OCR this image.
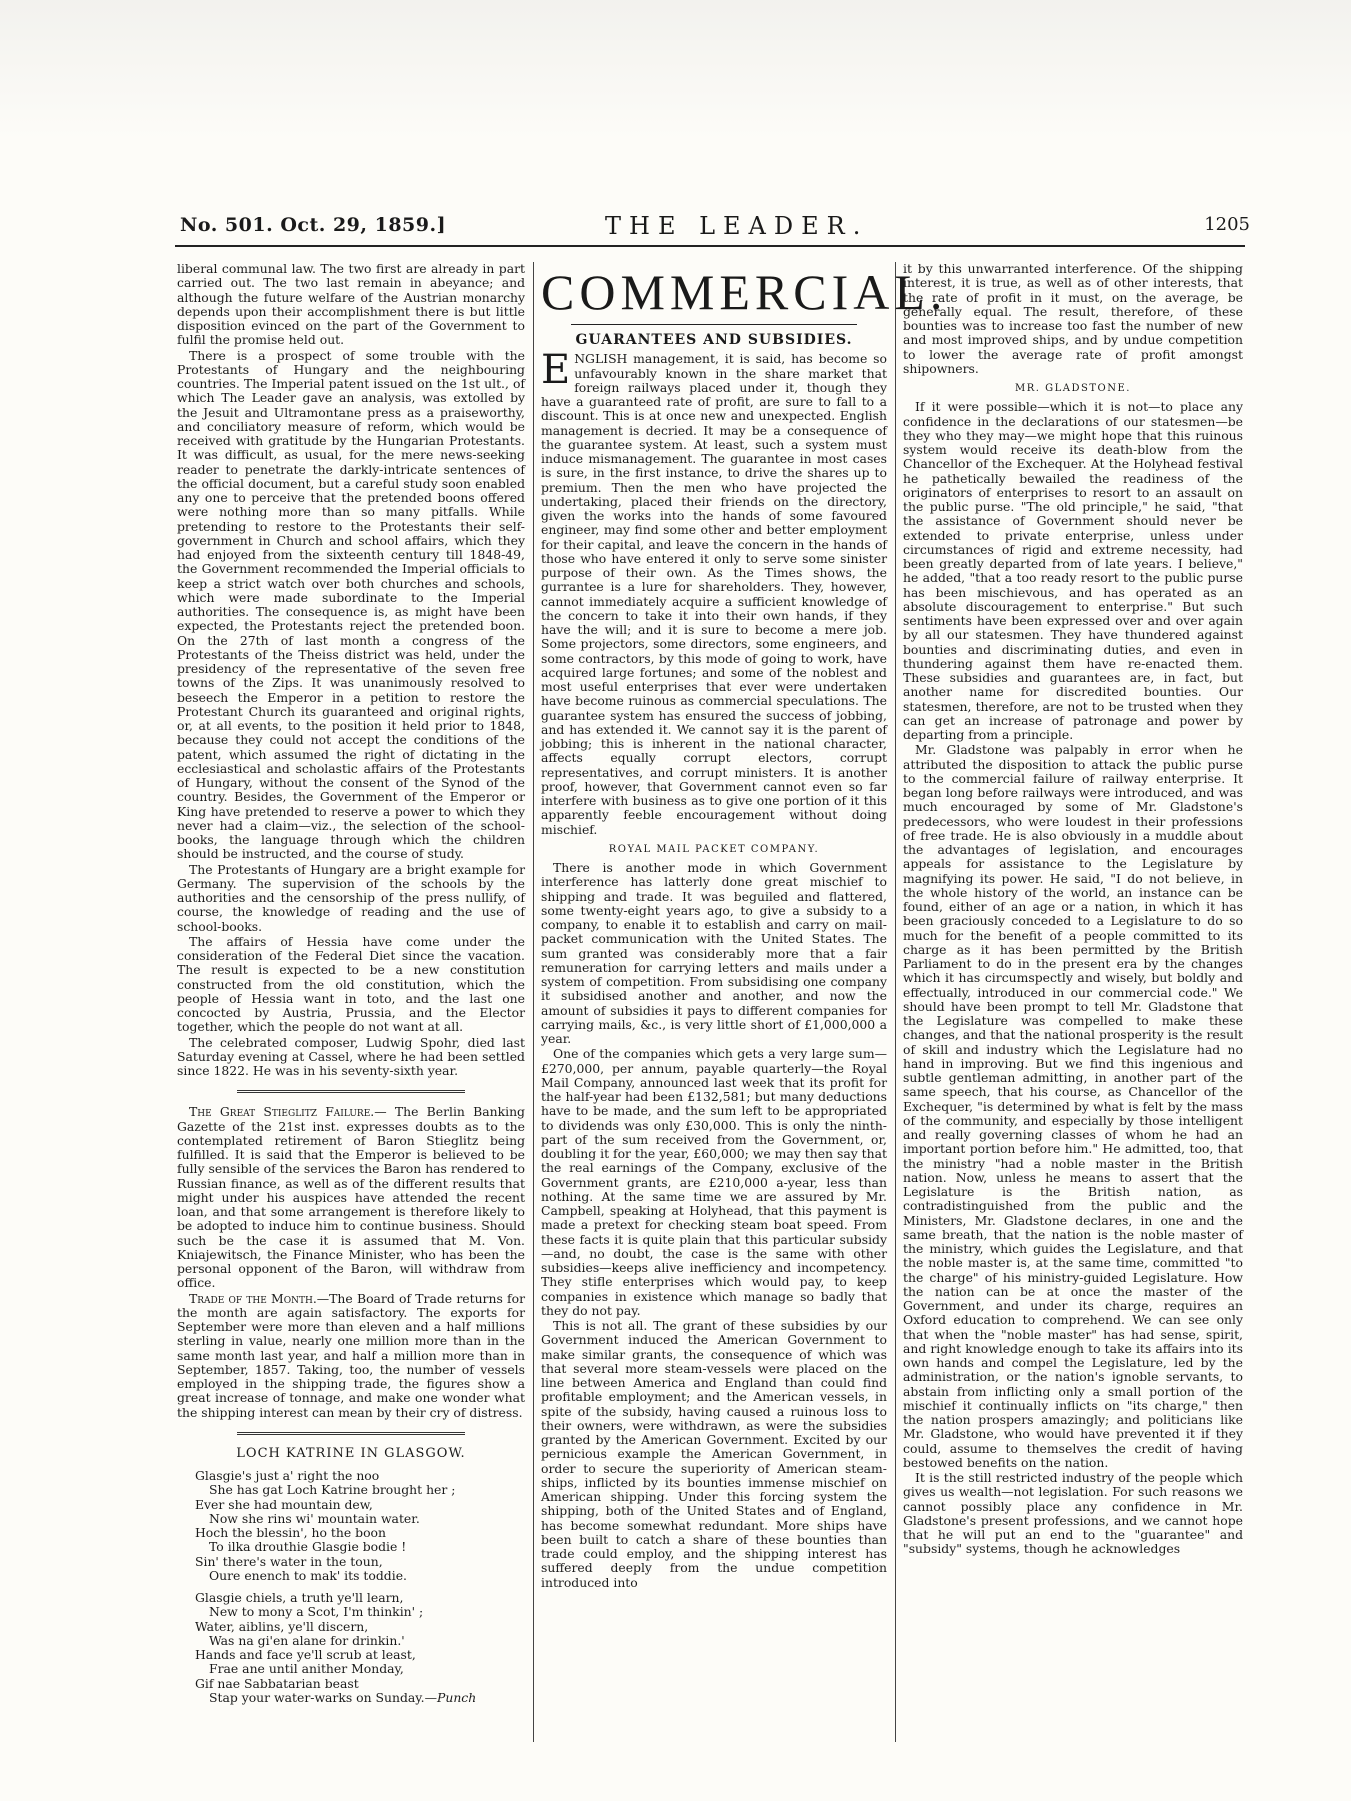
No. 501. Oct. 29, 1859.]	THE LEADER.	1205

liberal communal law. The two first are already in part carried out. The two last remain in abeyance; and although the future welfare of the Austrian monarchy depends upon their accomplishment there is but little disposition evinced on the part of the Government to fulfil the promise held out.

There is a prospect of some trouble with the Protestants of Hungary and the neighbouring countries. The Imperial patent issued on the 1st ult., of which The Leader gave an analysis, was extolled by the Jesuit and Ultramontane press as a praiseworthy, and conciliatory measure of reform, which would be received with gratitude by the Hungarian Protestants. It was difficult, as usual, for the mere news-seeking reader to penetrate the darkly-intricate sentences of the official document, but a careful study soon enabled any one to perceive that the pretended boons offered were nothing more than so many pitfalls. While pretending to restore to the Protestants their self-government in Church and school affairs, which they had enjoyed from the sixteenth century till 1848-49, the Government recommended the Imperial officials to keep a strict watch over both churches and schools, which were made subordinate to the Imperial authorities. The consequence is, as might have been expected, the Protestants reject the pretended boon. On the 27th of last month a congress of the Protestants of the Theiss district was held, under the presidency of the representative of the seven free towns of the Zips. It was unanimously resolved to beseech the Emperor in a petition to restore the Protestant Church its guaranteed and original rights, or, at all events, to the position it held prior to 1848, because they could not accept the conditions of the patent, which assumed the right of dictating in the ecclesiastical and scholastic affairs of the Protestants of Hungary, without the consent of the Synod of the country. Besides, the Government of the Emperor or King have pretended to reserve a power to which they never had a claim—viz., the selection of the school-books, the language through which the children should be instructed, and the course of study.

The Protestants of Hungary are a bright example for Germany. The supervision of the schools by the authorities and the censorship of the press nullify, of course, the knowledge of reading and the use of school-books.

The affairs of Hessia have come under the consideration of the Federal Diet since the vacation. The result is expected to be a new constitution constructed from the old constitution, which the people of Hessia want in toto, and the last one concocted by Austria, Prussia, and the Elector together, which the people do not want at all.

The celebrated composer, Ludwig Spohr, died last Saturday evening at Cassel, where he had been settled since 1822. He was in his seventy-sixth year.

The Great Stieglitz Failure.— The Berlin Banking Gazette of the 21st inst. expresses doubts as to the contemplated retirement of Baron Stieglitz being fulfilled. It is said that the Emperor is believed to be fully sensible of the services the Baron has rendered to Russian finance, as well as of the different results that might under his auspices have attended the recent loan, and that some arrangement is therefore likely to be adopted to induce him to continue business. Should such be the case it is assumed that M. Von. Kniajewitsch, the Finance Minister, who has been the personal opponent of the Baron, will withdraw from office.

Trade of the Month.—The Board of Trade returns for the month are again satisfactory. The exports for September were more than eleven and a half millions sterling in value, nearly one million more than in the same month last year, and half a million more than in September, 1857. Taking, too, the number of vessels employed in the shipping trade, the figures show a great increase of tonnage, and make one wonder what the shipping interest can mean by their cry of distress.

LOCH KATRINE IN GLASGOW.
Glasgie's just a' right the noo
She has gat Loch Katrine brought her ;
Ever she had mountain dew,
Now she rins wi' mountain water.
Hoch the blessin', ho the boon
To ilka drouthie Glasgie bodie !
Sin' there's water in the toun,
Oure enench to mak' its toddie.
Glasgie chiels, a truth ye'll learn,
New to mony a Scot, I'm thinkin' ;
Water, aiblins, ye'll discern,
Was na gi'en alane for drinkin.'
Hands and face ye'll scrub at least,
Frae ane until anither Monday,
Gif nae Sabbatarian beast
Stap your water-warks on Sunday.—Punch
COMMERCIAL.
GUARANTEES AND SUBSIDIES.

ENGLISH management, it is said, has become so unfavourably known in the share market that foreign railways placed under it, though they have a guaranteed rate of profit, are sure to fall to a discount. This is at once new and unexpected. English management is decried. It may be a consequence of the guarantee system. At least, such a system must induce mismanagement. The guarantee in most cases is sure, in the first instance, to drive the shares up to premium. Then the men who have projected the undertaking, placed their friends on the directory, given the works into the hands of some favoured engineer, may find some other and better employment for their capital, and leave the concern in the hands of those who have entered it only to serve some sinister purpose of their own. As the Times shows, the gurrantee is a lure for shareholders. They, however, cannot immediately acquire a sufficient knowledge of the concern to take it into their own hands, if they have the will; and it is sure to become a mere job. Some projectors, some directors, some engineers, and some contractors, by this mode of going to work, have acquired large fortunes; and some of the noblest and most useful enterprises that ever were undertaken have become ruinous as commercial speculations. The guarantee system has ensured the success of jobbing, and has extended it. We cannot say it is the parent of jobbing; this is inherent in the national character, affects equally corrupt electors, corrupt representatives, and corrupt ministers. It is another proof, however, that Government cannot even so far interfere with business as to give one portion of it this apparently feeble encouragement without doing mischief.

ROYAL MAIL PACKET COMPANY.

There is another mode in which Government interference has latterly done great mischief to shipping and trade. It was beguiled and flattered, some twenty-eight years ago, to give a subsidy to a company, to enable it to establish and carry on mail-packet communication with the United States. The sum granted was considerably more that a fair remuneration for carrying letters and mails under a system of competition. From subsidising one company it subsidised another and another, and now the amount of subsidies it pays to different companies for carrying mails, &c., is very little short of £1,000,000 a year.

One of the companies which gets a very large sum—£270,000, per annum, payable quarterly—the Royal Mail Company, announced last week that its profit for the half-year had been £132,581; but many deductions have to be made, and the sum left to be appropriated to dividends was only £30,000. This is only the ninth-part of the sum received from the Government, or, doubling it for the year, £60,000; we may then say that the real earnings of the Company, exclusive of the Government grants, are £210,000 a-year, less than nothing. At the same time we are assured by Mr. Campbell, speaking at Holyhead, that this payment is made a pretext for checking steam boat speed. From these facts it is quite plain that this particular subsidy—and, no doubt, the case is the same with other subsidies—keeps alive inefficiency and incompetency. They stifle enterprises which would pay, to keep companies in existence which manage so badly that they do not pay.

This is not all. The grant of these subsidies by our Government induced the American Government to make similar grants, the consequence of which was that several more steam-vessels were placed on the line between America and England than could find profitable employment; and the American vessels, in spite of the subsidy, having caused a ruinous loss to their owners, were withdrawn, as were the subsidies granted by the American Government. Excited by our pernicious example the American Government, in order to secure the superiority of American steam-ships, inflicted by its bounties immense mischief on American shipping. Under this forcing system the shipping, both of the United States and of England, has become somewhat redundant. More ships have been built to catch a share of these bounties than trade could employ, and the shipping interest has suffered deeply from the undue competition introduced into

it by this unwarranted interference. Of the shipping interest, it is true, as well as of other interests, that the rate of profit in it must, on the average, be generally equal. The result, therefore, of these bounties was to increase too fast the number of new and most improved ships, and by undue competition to lower the average rate of profit amongst shipowners.

MR. GLADSTONE.

If it were possible—which it is not—to place any confidence in the declarations of our statesmen—be they who they may—we might hope that this ruinous system would receive its death-blow from the Chancellor of the Exchequer. At the Holyhead festival he pathetically bewailed the readiness of the originators of enterprises to resort to an assault on the public purse. "The old principle," he said, "that the assistance of Government should never be extended to private enterprise, unless under circumstances of rigid and extreme necessity, had been greatly departed from of late years. I believe," he added, "that a too ready resort to the public purse has been mischievous, and has operated as an absolute discouragement to enterprise." But such sentiments have been expressed over and over again by all our statesmen. They have thundered against bounties and discriminating duties, and even in thundering against them have re-enacted them. These subsidies and guarantees are, in fact, but another name for discredited bounties. Our statesmen, therefore, are not to be trusted when they can get an increase of patronage and power by departing from a principle.

Mr. Gladstone was palpably in error when he attributed the disposition to attack the public purse to the commercial failure of railway enterprise. It began long before railways were introduced, and was much encouraged by some of Mr. Gladstone's predecessors, who were loudest in their professions of free trade. He is also obviously in a muddle about the advantages of legislation, and encourages appeals for assistance to the Legislature by magnifying its power. He said, "I do not believe, in the whole history of the world, an instance can be found, either of an age or a nation, in which it has been graciously conceded to a Legislature to do so much for the benefit of a people committed to its charge as it has been permitted by the British Parliament to do in the present era by the changes which it has circumspectly and wisely, but boldly and effectually, introduced in our commercial code." We should have been prompt to tell Mr. Gladstone that the Legislature was compelled to make these changes, and that the national prosperity is the result of skill and industry which the Legislature had no hand in improving. But we find this ingenious and subtle gentleman admitting, in another part of the same speech, that his course, as Chancellor of the Exchequer, "is determined by what is felt by the mass of the community, and especially by those intelligent and really governing classes of whom he had an important portion before him." He admitted, too, that the ministry "had a noble master in the British nation. Now, unless he means to assert that the Legislature is the British nation, as contradistinguished from the public and the Ministers, Mr. Gladstone declares, in one and the same breath, that the nation is the noble master of the ministry, which guides the Legislature, and that the noble master is, at the same time, committed "to the charge" of his ministry-guided Legislature. How the nation can be at once the master of the Government, and under its charge, requires an Oxford education to comprehend. We can see only that when the "noble master" has had sense, spirit, and right knowledge enough to take its affairs into its own hands and compel the Legislature, led by the administration, or the nation's ignoble servants, to abstain from inflicting only a small portion of the mischief it continually inflicts on "its charge," then the nation prospers amazingly; and politicians like Mr. Gladstone, who would have prevented it if they could, assume to themselves the credit of having bestowed benefits on the nation.

It is the still restricted industry of the people which gives us wealth—not legislation. For such reasons we cannot possibly place any confidence in Mr. Gladstone's present professions, and we cannot hope that he will put an end to the "guarantee" and "subsidy" systems, though he acknowledges
